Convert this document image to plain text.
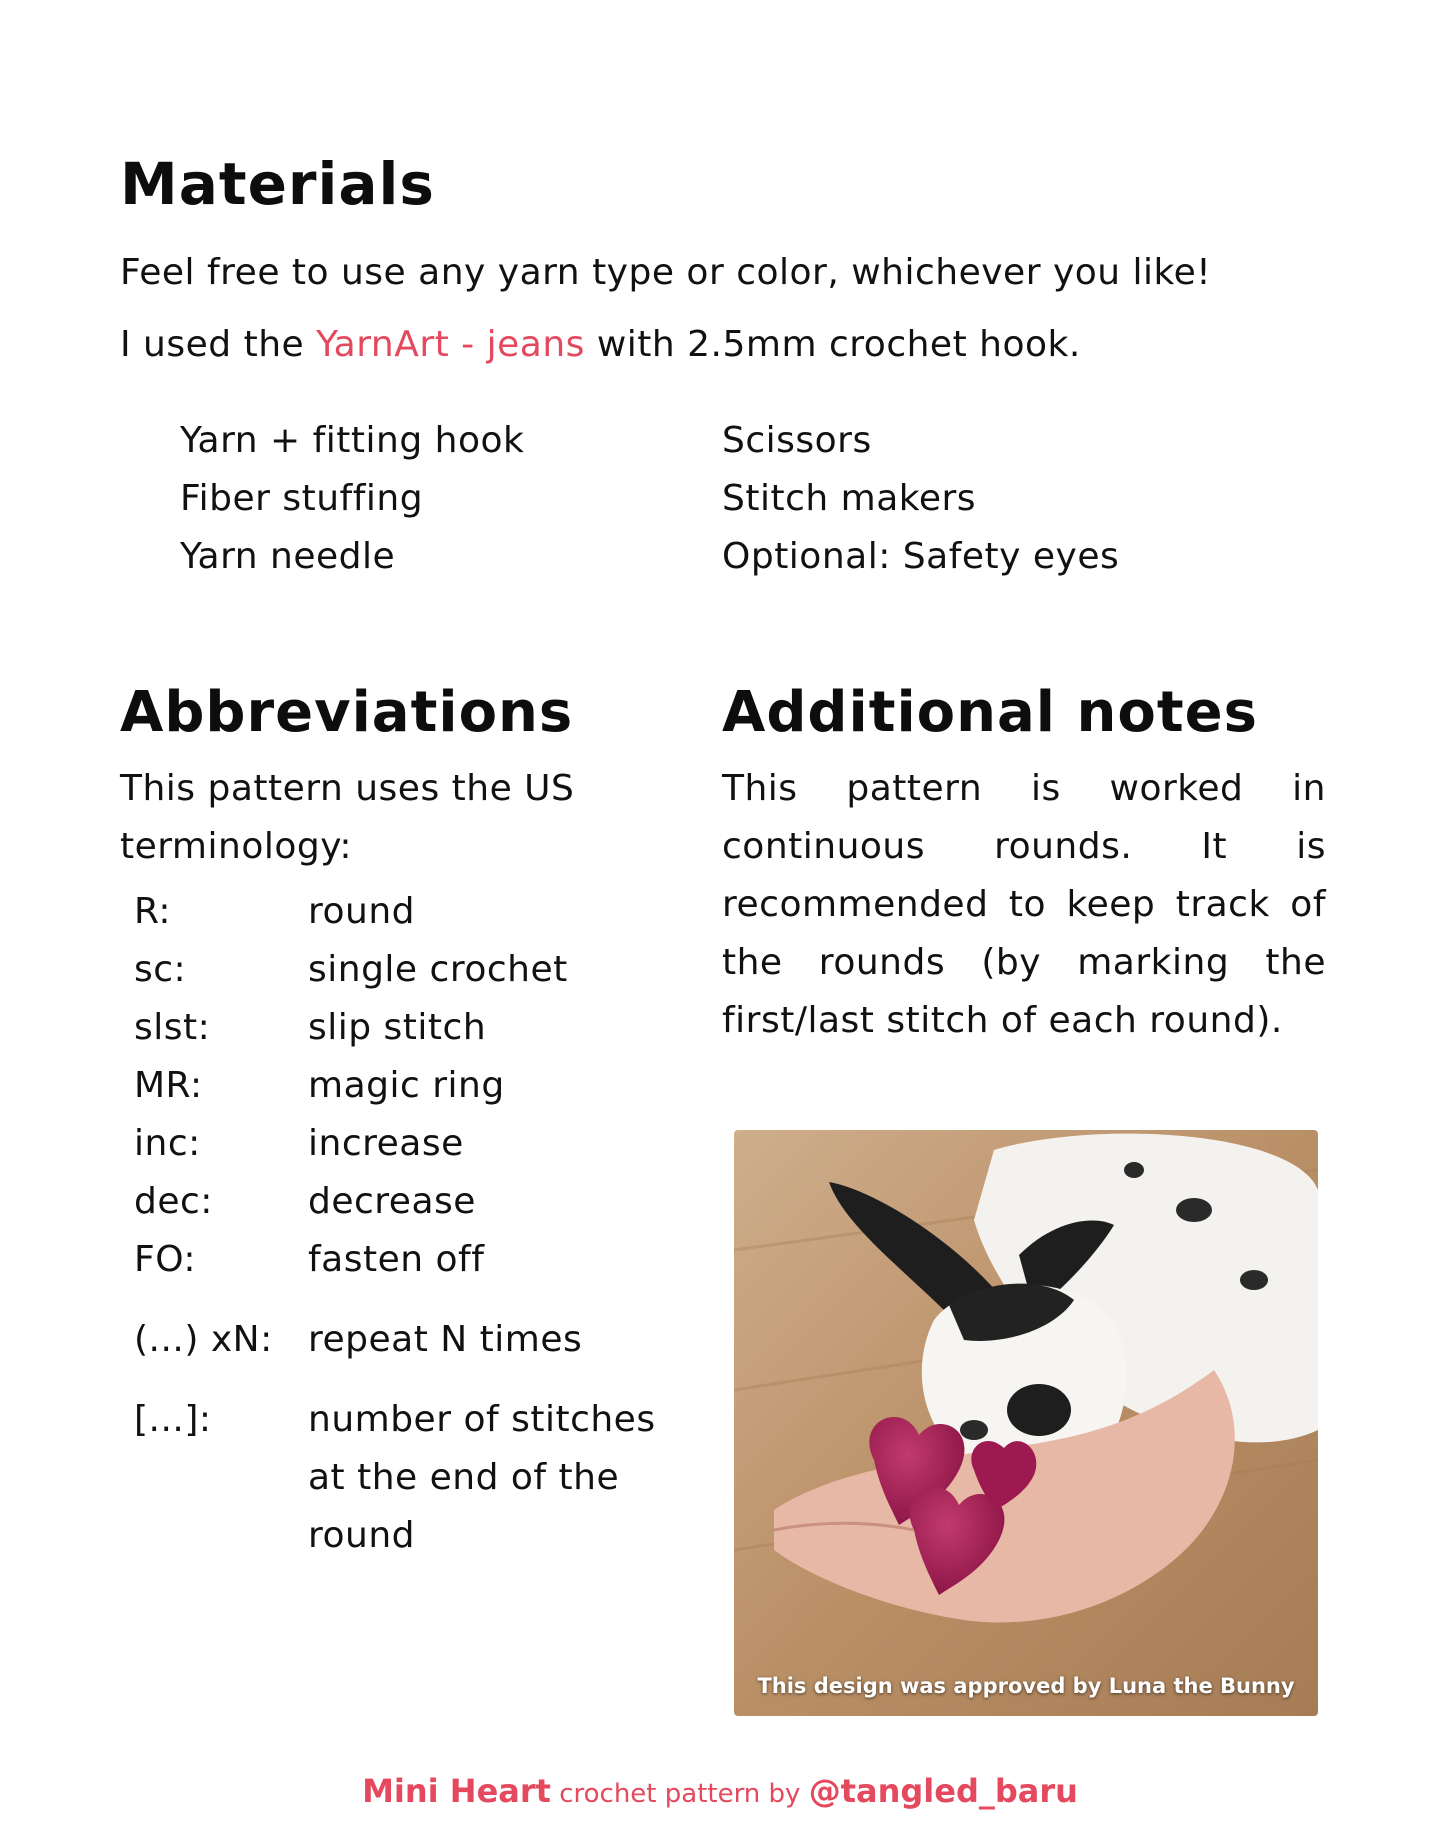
Materials
Feel free to use any yarn type or color, whichever you like!
I used the YarnArt - jeans with 2.5mm crochet hook.
Yarn + fitting hook
Fiber stuffing
Yarn needle
Scissors
Stitch makers
Optional: Safety eyes
Abbreviations
This pattern uses the US terminology:
R:	round
sc:	single crochet
slst:	slip stitch
MR:	magic ring
inc:	increase
dec:	decrease
FO:	fasten off
(...) xN:	repeat N times
[...]:	number of stitches at the end of the round
Additional notes
This pattern is worked in continuous rounds. It is recommended to keep track of the rounds (by marking the first/last stitch of each round).
This design was approved by Luna the Bunny
Mini Heart crochet pattern by @tangled_baru
